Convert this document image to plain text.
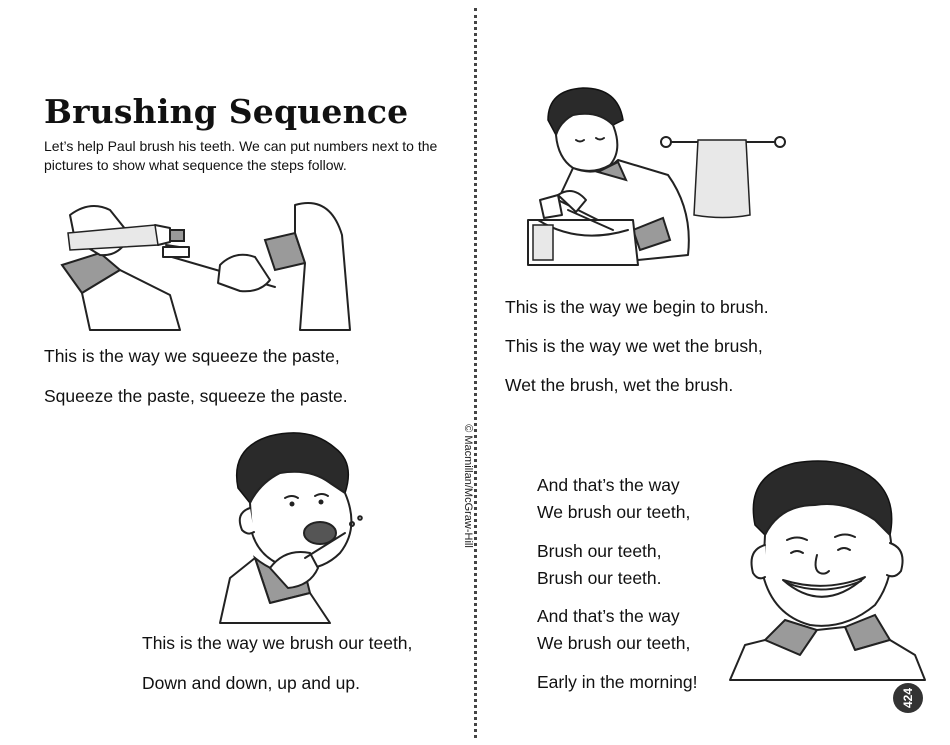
Brushing Sequence
Let’s help Paul brush his teeth. We can put numbers next to the pictures to show what sequence the steps follow.
© Macmillan/McGraw-Hill
This is the way we squeeze the paste,
Squeeze the paste, squeeze the paste.
This is the way we brush our teeth,
Down and down, up and up.
This is the way we begin to brush.
This is the way we wet the brush,
Wet the brush, wet the brush.
And that’s the way
We brush our teeth,
Brush our teeth,
Brush our teeth.
And that’s the way
We brush our teeth,
Early in the morning!
424
